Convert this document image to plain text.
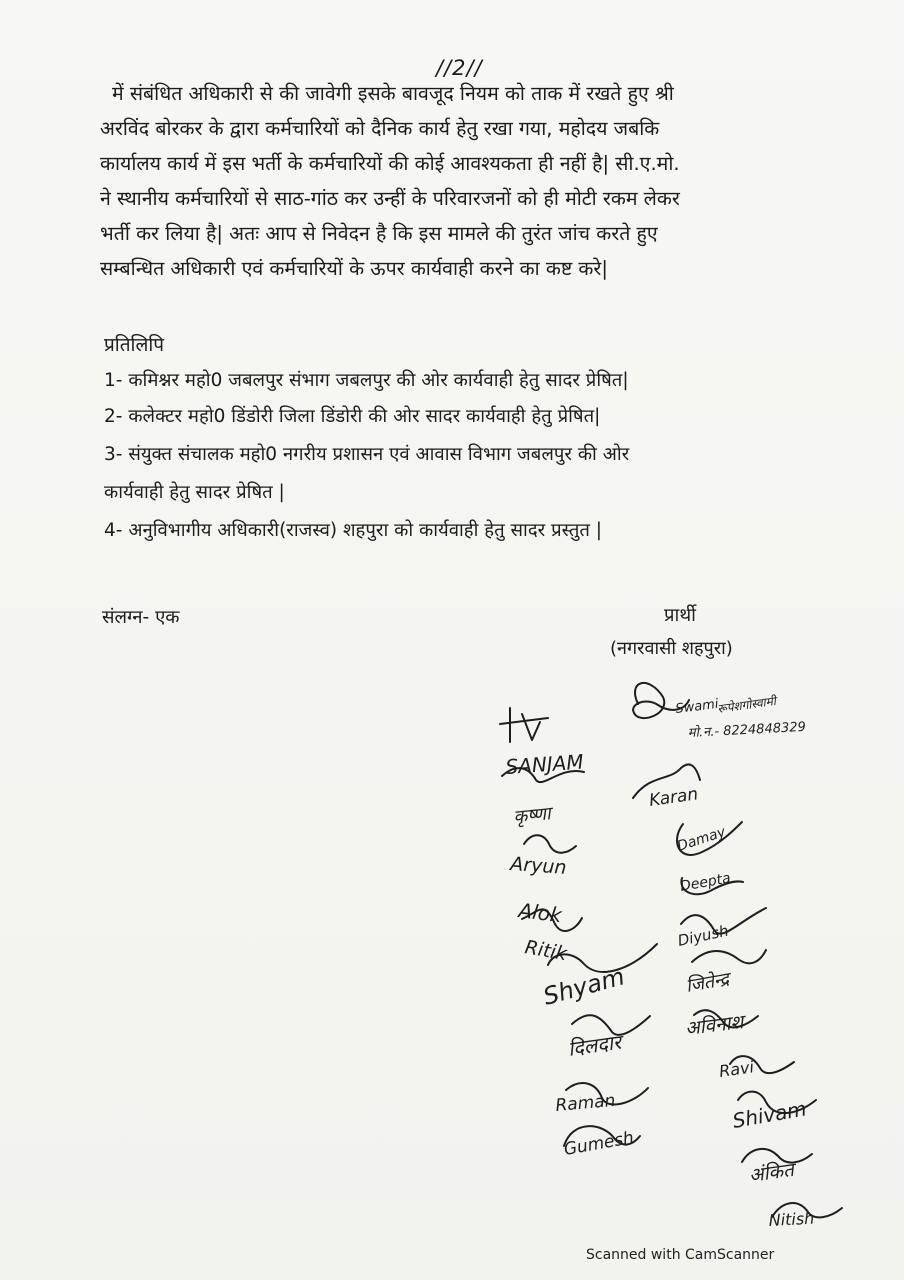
//2//
में संबंधित अधिकारी से की जावेगी इसके बावजूद नियम को ताक में रखते हुए श्री
अरविंद बोरकर के द्वारा कर्मचारियों को दैनिक कार्य हेतु रखा गया, महोदय जबकि
कार्यालय कार्य में इस भर्ती के कर्मचारियों की कोई आवश्यकता ही नहीं है| सी.ए.मो.
ने स्थानीय कर्मचारियों से साठ-गांठ कर उन्हीं के परिवारजनों को ही मोटी रकम लेकर
भर्ती कर लिया है| अतः आप से निवेदन है कि इस मामले की तुरंत जांच करते हुए
सम्बन्धित अधिकारी एवं कर्मचारियों के ऊपर कार्यवाही करने का कष्ट करे|
प्रतिलिपि
1- कमिश्नर महो0 जबलपुर संभाग जबलपुर की ओर कार्यवाही हेतु सादर प्रेषित|
2- कलेक्टर महो0 डिंडोरी जिला डिंडोरी की ओर सादर कार्यवाही हेतु प्रेषित|
3- संयुक्त संचालक महो0 नगरीय प्रशासन एवं आवास विभाग जबलपुर की ओर
कार्यवाही हेतु सादर प्रेषित |
4- अनुविभागीय अधिकारी(राजस्व) शहपुरा को कार्यवाही हेतु सादर प्रस्तुत |
संलग्न- एक	प्रार्थी
(नगरवासी शहपुरा)
Swami
रूपेशगोस्वामी
मो.न.- 8224848329
SANJAM
Karan
कृष्णा
Damay
Aryun
Deepta
Alok
Ritik
Diyush
Shyam	जितेन्द्र
अविनाश
दिलदार
Ravi
Raman	Shivam
Gumesh
अंकित
Nitish
Scanned with CamScanner
